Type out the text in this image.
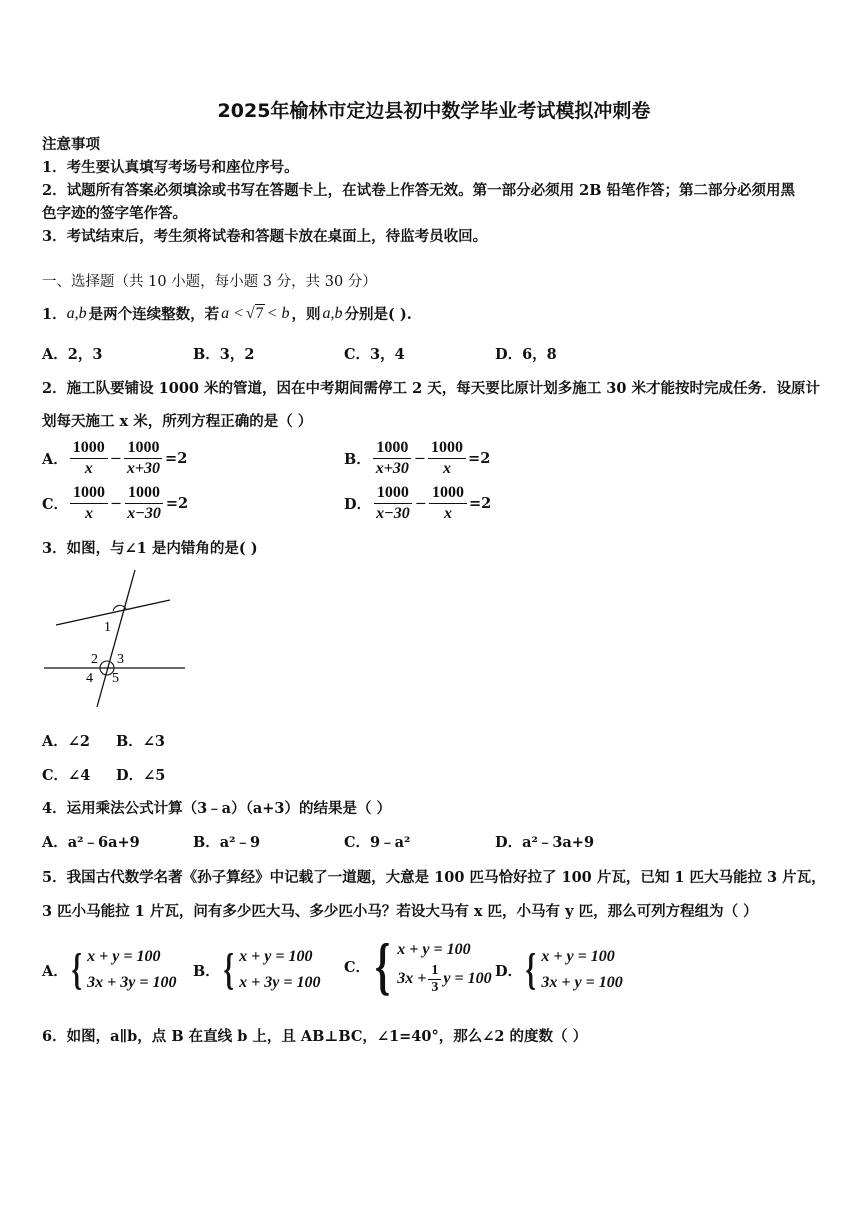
2025年榆林市定边县初中数学毕业考试模拟冲刺卷
注意事项
1．考生要认真填写考场号和座位序号。
2．试题所有答案必须填涂或书写在答题卡上，在试卷上作答无效。第一部分必须用 2B 铅笔作答；第二部分必须用黑
色字迹的签字笔作答。
3．考试结束后，考生须将试卷和答题卡放在桌面上，待监考员收回。
一、选择题（共 10 小题，每小题 3 分，共 30 分）
1． a,b 是两个连续整数，若 a < √7 < b ，则 a,b 分别是( ).
A．2，3	B．3，2	C．3，4	D．6，8
2．施工队要铺设 1000 米的管道，因在中考期间需停工 2 天，每天要比原计划多施工 30 米才能按时完成任务．设原计
划每天施工 x 米，所列方程正确的是（ ）
A． $\frac{1000}{x} - \frac{1000}{x+30} =2$	B． $\frac{1000}{x+30} - \frac{1000}{x} =2$
C． $\frac{1000}{x} - \frac{1000}{x-30} =2$	D． $\frac{1000}{x-30} - \frac{1000}{x} =2$
3．如图，与∠1 是内错角的是( )
1
2 3
4 5
A．∠2 B．∠3
C．∠4 D．∠5
4．运用乘法公式计算（3﹣a）（a+3）的结果是（ ）
A．a²﹣6a+9	B．a²﹣9	C．9﹣a²	D．a²﹣3a+9
5．我国古代数学名著《孙子算经》中记载了一道题，大意是 100 匹马恰好拉了 100 片瓦，已知 1 匹大马能拉 3 片瓦，
3 匹小马能拉 1 片瓦，问有多少匹大马、多少匹小马？若设大马有 x 匹，小马有 y 匹，那么可列方程组为（ ）
A． { x + y = 100
3x + 3y = 100
B． { x + y = 100
x + 3y = 100
C． { x + y = 100
$3x + \frac{1}{3}$ y = 100 D． { x + y = 100
3x + y = 100
6．如图，a∥b，点 B 在直线 b 上，且 AB⊥BC，∠1=40°，那么∠2 的度数（ ）
